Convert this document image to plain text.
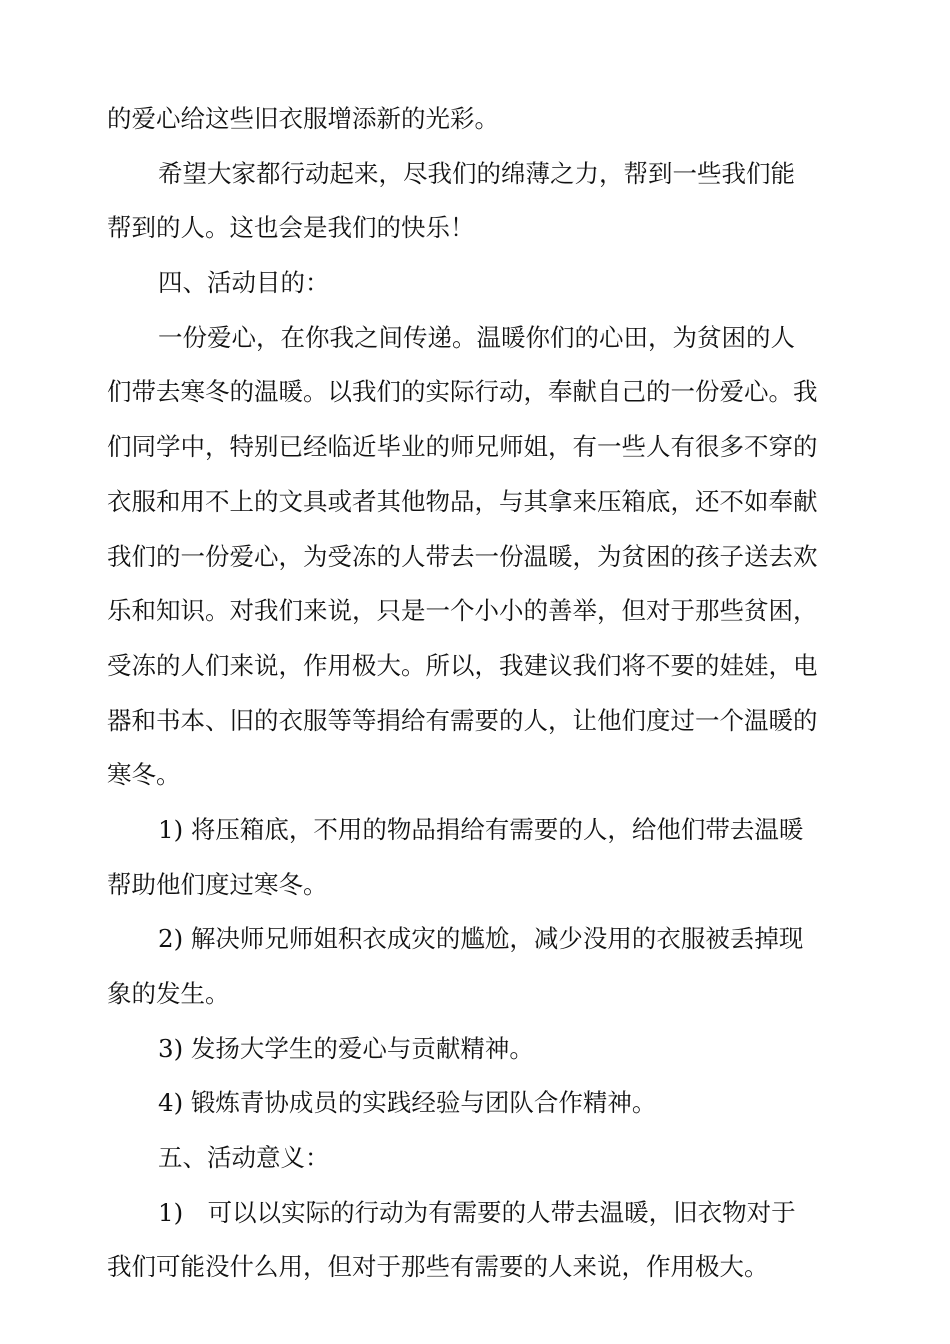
的爱心给这些旧衣服增添新的光彩。

希望大家都行动起来，尽我们的绵薄之力，帮到一些我们能
帮到的人。这也会是我们的快乐！

四、活动目的：

一份爱心，在你我之间传递。温暖你们的心田，为贫困的人
们带去寒冬的温暖。以我们的实际行动，奉献自己的一份爱心。我
们同学中，特别已经临近毕业的师兄师姐，有一些人有很多不穿的
衣服和用不上的文具或者其他物品，与其拿来压箱底，还不如奉献
我们的一份爱心，为受冻的人带去一份温暖，为贫困的孩子送去欢
乐和知识。对我们来说，只是一个小小的善举，但对于那些贫困，
受冻的人们来说，作用极大。所以，我建议我们将不要的娃娃，电
器和书本、旧的衣服等等捐给有需要的人，让他们度过一个温暖的
寒冬。

1) 将压箱底，不用的物品捐给有需要的人，给他们带去温暖
帮助他们度过寒冬。

2) 解决师兄师姐积衣成灾的尴尬，减少没用的衣服被丢掉现
象的发生。

3) 发扬大学生的爱心与贡献精神。

4) 锻炼青协成员的实践经验与团队合作精神。

五、活动意义：

1)　可以以实际的行动为有需要的人带去温暖，旧衣物对于
我们可能没什么用，但对于那些有需要的人来说，作用极大。
